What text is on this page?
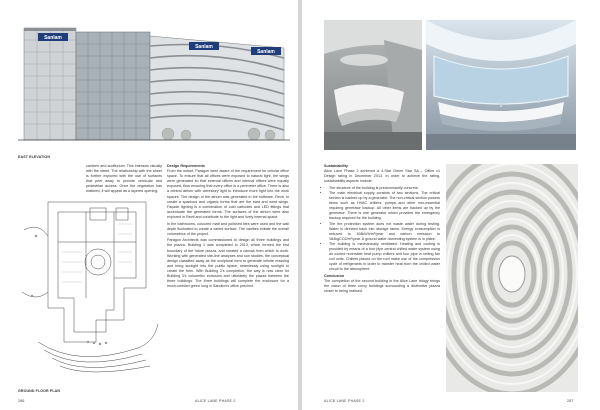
Sanlam
Sanlam
Sanlam
EAST ELEVATION

canteen and auditorium. This interacts visually with the street. The relationship with the street is further explored with the use of surfaces that peel away to provide vehicular and pedestrian access. Once the vegetation has matured, it will appear as a layered opening.

GROUND FLOOR PLAN

Design Requirements

From the outset, Paragon were aware of the requirement for cellular office space. To ensure that all offices were exposed to natural light, the wings were generated so that external offices and internal offices were equally exposed, thus ensuring that every office is a perimeter office. There is also a central atrium with clerestory light to introduce more light into the work spaces. The design of the atrium was generated in the software, Revit, to create a spacious and organic forms that are the east and west wings. Façade lighting is a combination of cold cathodes and LED fittings that accentuate the generated forms. The surfaces of the atrium were also explored in Revit and contribute to the light and lively internal space.

In the bathrooms, coloured matt and polished tiles were used and the wall depth fluctuated to create a varied surface. The vanities imitate the overall volumetrics of the project.

Paragon Architects was commissioned to design all three buildings and the piazza. Building 1 was completed in 2013, which formed the first boundary of the future piazza, and created a canvas from which to work. Working with generated site-line analyses and sun studies, the conceptual design classified away as the sculptural form to generate infinite massing and bring sunlight into the public space, seamlessly using sunlight to create the form. With Building 2's completion, the way is now clear for Building 3's volumetric extrusion and ultimately the piazza between the three buildings. The three buildings will complete the enclosure for a much-needed green lung in Sandton's office precinct.

286	ALICE LANE PHASE 2

Sustainability

Alice Lane Phase 2 achieved a 4-Star Green Star SA – Office v1 Design rating in December 2013. In order to achieve the rating, sustainability aspects include:

• The structure of the building is predominantly concrete.
• The main electrical supply consists of two sections. The critical section is backed up by a generator. The non-critical section powers items such as HVAC chillers, pumps and other non-essential requiring generator backup. All other items are backed up by the generator. There is one generator which provides the emergency backup required for the building.
• The fire protection system does not waste water during testing. Water is directed back into storage tanks. Energy consumption is reduced to 108kWh/m²/year and carbon emission to 184kgCO2/m²/year. A ground water harvesting system is in place.
• The building is mechanically ventilated. Heating and cooling is provided by means of a four pipe central chilled water system using air cooled reversible heat pump chillers and four pipe in ceiling fan coil units. Chillers placed on the roof make use of the compression cycle of refrigerants in order to transfer heat from the chilled water circuit to the atmosphere.

Conclusion

The completion of the second building in the Alice Lane trilogy brings the vision of three curvy buildings surrounding a distinctive piazza closer to being realised.

ALICE LANE PHASE 2	287
